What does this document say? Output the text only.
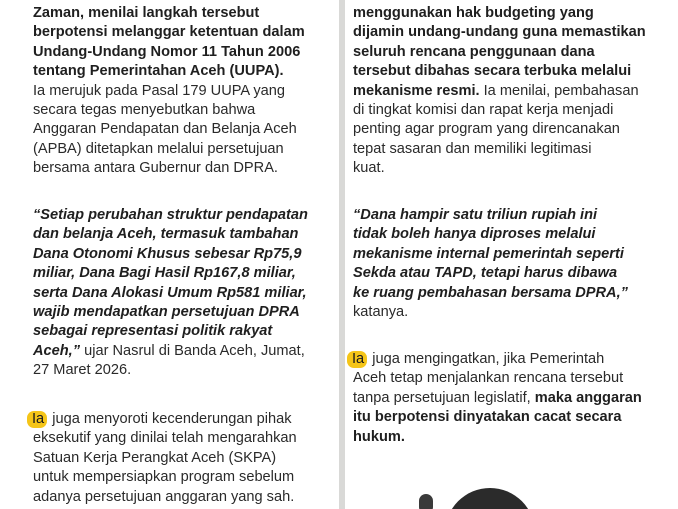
Zaman, menilai langkah tersebut
berpotensi melanggar ketentuan dalam
Undang-Undang Nomor 11 Tahun 2006
tentang Pemerintahan Aceh (UUPA).
Ia merujuk pada Pasal 179 UUPA yang
secara tegas menyebutkan bahwa
Anggaran Pendapatan dan Belanja Aceh
(APBA) ditetapkan melalui persetujuan
bersama antara Gubernur dan DPRA.
“Setiap perubahan struktur pendapatan
dan belanja Aceh, termasuk tambahan
Dana Otonomi Khusus sebesar Rp75,9
miliar, Dana Bagi Hasil Rp167,8 miliar,
serta Dana Alokasi Umum Rp581 miliar,
wajib mendapatkan persetujuan DPRA
sebagai representasi politik rakyat
Aceh,” ujar Nasrul di Banda Aceh, Jumat,
27 Maret 2026.
Ia juga menyoroti kecenderungan pihak
eksekutif yang dinilai telah mengarahkan
Satuan Kerja Perangkat Aceh (SKPA)
untuk mempersiapkan program sebelum
adanya persetujuan anggaran yang sah.
menggunakan hak budgeting yang
dijamin undang-undang guna memastikan
seluruh rencana penggunaan dana
tersebut dibahas secara terbuka melalui
mekanisme resmi. Ia menilai, pembahasan
di tingkat komisi dan rapat kerja menjadi
penting agar program yang direncanakan
tepat sasaran dan memiliki legitimasi
kuat.
“Dana hampir satu triliun rupiah ini
tidak boleh hanya diproses melalui
mekanisme internal pemerintah seperti
Sekda atau TAPD, tetapi harus dibawa
ke ruang pembahasan bersama DPRA,”
katanya.
Ia juga mengingatkan, jika Pemerintah
Aceh tetap menjalankan rencana tersebut
tanpa persetujuan legislatif, maka anggaran
itu berpotensi dinyatakan cacat secara
hukum.
